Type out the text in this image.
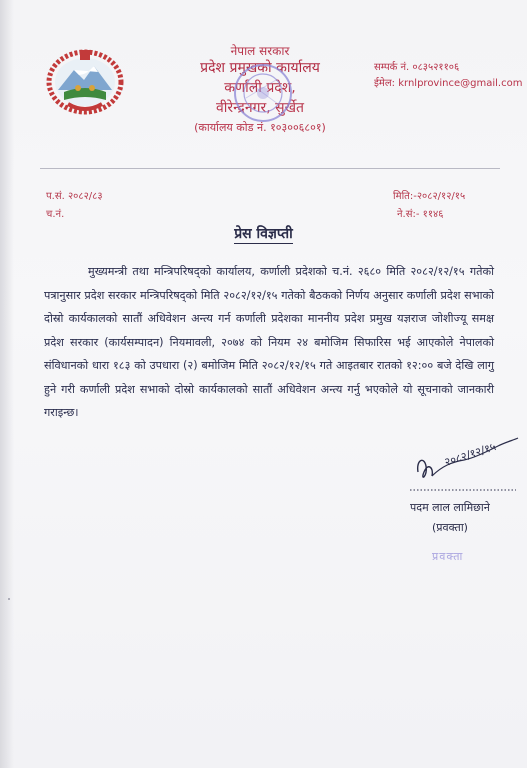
नेपाल सरकार
प्रदेश प्रमुखको कार्यालय
कर्णाली प्रदेश,
वीरेन्द्रनगर, सुर्खेत
(कार्यालय कोड नं. १०३००६८०१)
सम्पर्क नं. ०८३५२११०६
ईमेल: krnlprovince@gmail.com
प.सं. २०८२/८३
च.नं.
मिति:-२०८२/१२/१५
ने.सं:- ११४६
प्रेस विज्ञप्ती
मुख्यमन्त्री तथा मन्त्रिपरिषद्को कार्यालय, कर्णाली प्रदेशको च.नं. २६८० मिति २०८२/१२/१५ गतेको पत्रानुसार प्रदेश सरकार मन्त्रिपरिषद्को मिति २०८२/१२/१५ गतेको बैठकको निर्णय अनुसार कर्णाली प्रदेश सभाको दोस्रो कार्यकालको सातौं अधिवेशन अन्त्य गर्न कर्णाली प्रदेशका माननीय प्रदेश प्रमुख यज्ञराज जोशीज्यू समक्ष प्रदेश सरकार (कार्यसम्पादन) नियमावली, २०७४ को नियम २४ बमोजिम सिफारिस भई आएकोले नेपालको संविधानको धारा १८३ को उपधारा (२) बमोजिम मिति २०८२/१२/१५ गते आइतबार रातको १२:०० बजे देखि लागु हुने गरी कर्णाली प्रदेश सभाको दोस्रो कार्यकालको सातौं अधिवेशन अन्त्य गर्नु भएकोले यो सूचनाको जानकारी गराइन्छ।
२०८२/१२/१५
पदम लाल लामिछाने
(प्रवक्ता)
प्रवक्ता
